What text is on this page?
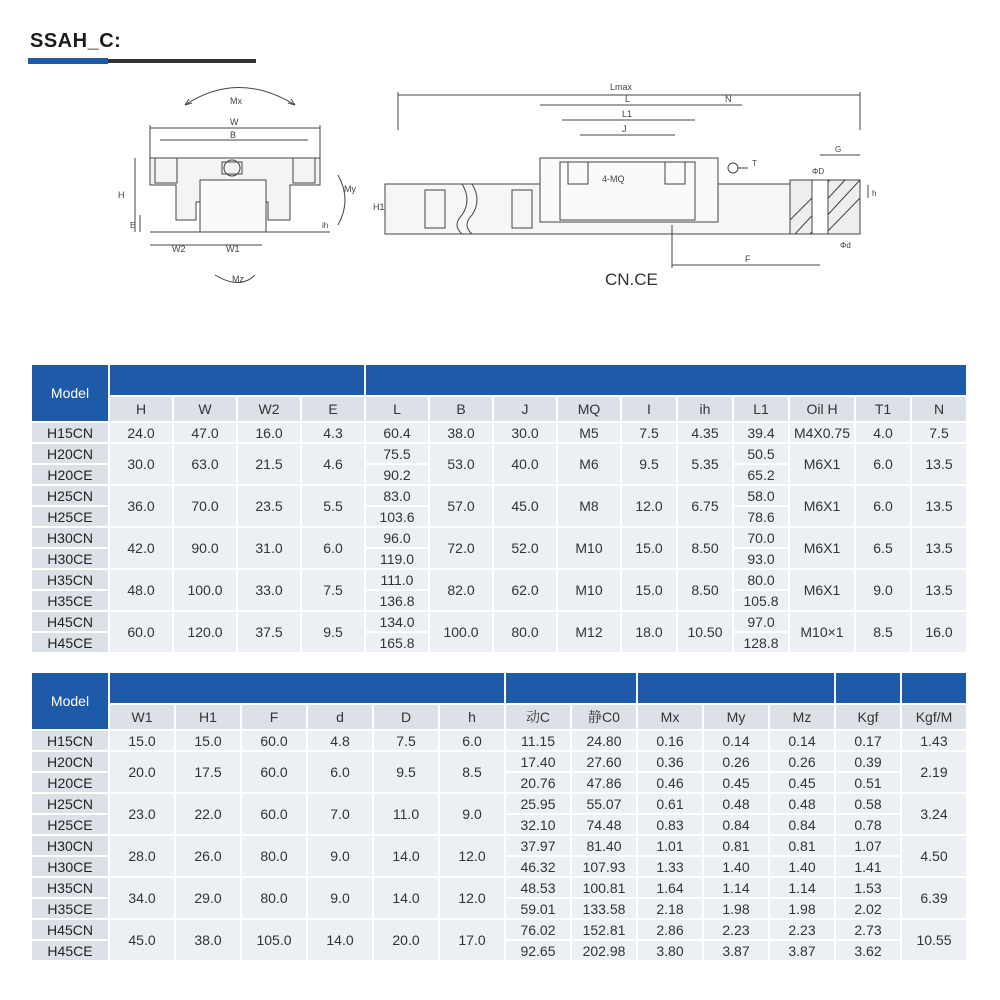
SSAH_C:
Mx
W
B
H
E
W2	W1
ih
My
Mz
Lmax
L	N
L1
J
4-MQ
T
G
ΦD
H1
h
F
Φd
CN.CE
Model														
	H	W	W2	E	L	B	J	MQ	I	ih	L1	Oil H	T1	N
H15CN	24.0	47.0	16.0	4.3	60.4	38.0	30.0	M5	7.5	4.35	39.4	M4X0.75	4.0	7.5
H20CN	30.0	63.0	21.5	4.6	75.5	53.0	40.0	M6	9.5	5.35	50.5	M6X1	6.0	13.5
H20CE					90.2						65.2			
H25CN	36.0	70.0	23.5	5.5	83.0	57.0	45.0	M8	12.0	6.75	58.0	M6X1	6.0	13.5
H25CE					103.6						78.6			
H30CN	42.0	90.0	31.0	6.0	96.0	72.0	52.0	M10	15.0	8.50	70.0	M6X1	6.5	13.5
H30CE					119.0						93.0			
H35CN	48.0	100.0	33.0	7.5	111.0	82.0	62.0	M10	15.0	8.50	80.0	M6X1	9.0	13.5
H35CE					136.8						105.8			
H45CN	60.0	120.0	37.5	9.5	134.0	100.0	80.0	M12	18.0	10.50	97.0	M10×1	8.5	16.0
H45CE					165.8						128.8			
Model													
	W1	H1	F	d	D	h	动C	静C0	Mx	My	Mz	Kgf	Kgf/M
H15CN	15.0	15.0	60.0	4.8	7.5	6.0	11.15	24.80	0.16	0.14	0.14	0.17	1.43
H20CN	20.0	17.5	60.0	6.0	9.5	8.5	17.40	27.60	0.36	0.26	0.26	0.39	2.19
H20CE							20.76	47.86	0.46	0.45	0.45	0.51	
H25CN	23.0	22.0	60.0	7.0	11.0	9.0	25.95	55.07	0.61	0.48	0.48	0.58	3.24
H25CE							32.10	74.48	0.83	0.84	0.84	0.78	
H30CN	28.0	26.0	80.0	9.0	14.0	12.0	37.97	81.40	1.01	0.81	0.81	1.07	4.50
H30CE							46.32	107.93	1.33	1.40	1.40	1.41	
H35CN	34.0	29.0	80.0	9.0	14.0	12.0	48.53	100.81	1.64	1.14	1.14	1.53	6.39
H35CE							59.01	133.58	2.18	1.98	1.98	2.02	
H45CN	45.0	38.0	105.0	14.0	20.0	17.0	76.02	152.81	2.86	2.23	2.23	2.73	10.55
H45CE							92.65	202.98	3.80	3.87	3.87	3.62	
